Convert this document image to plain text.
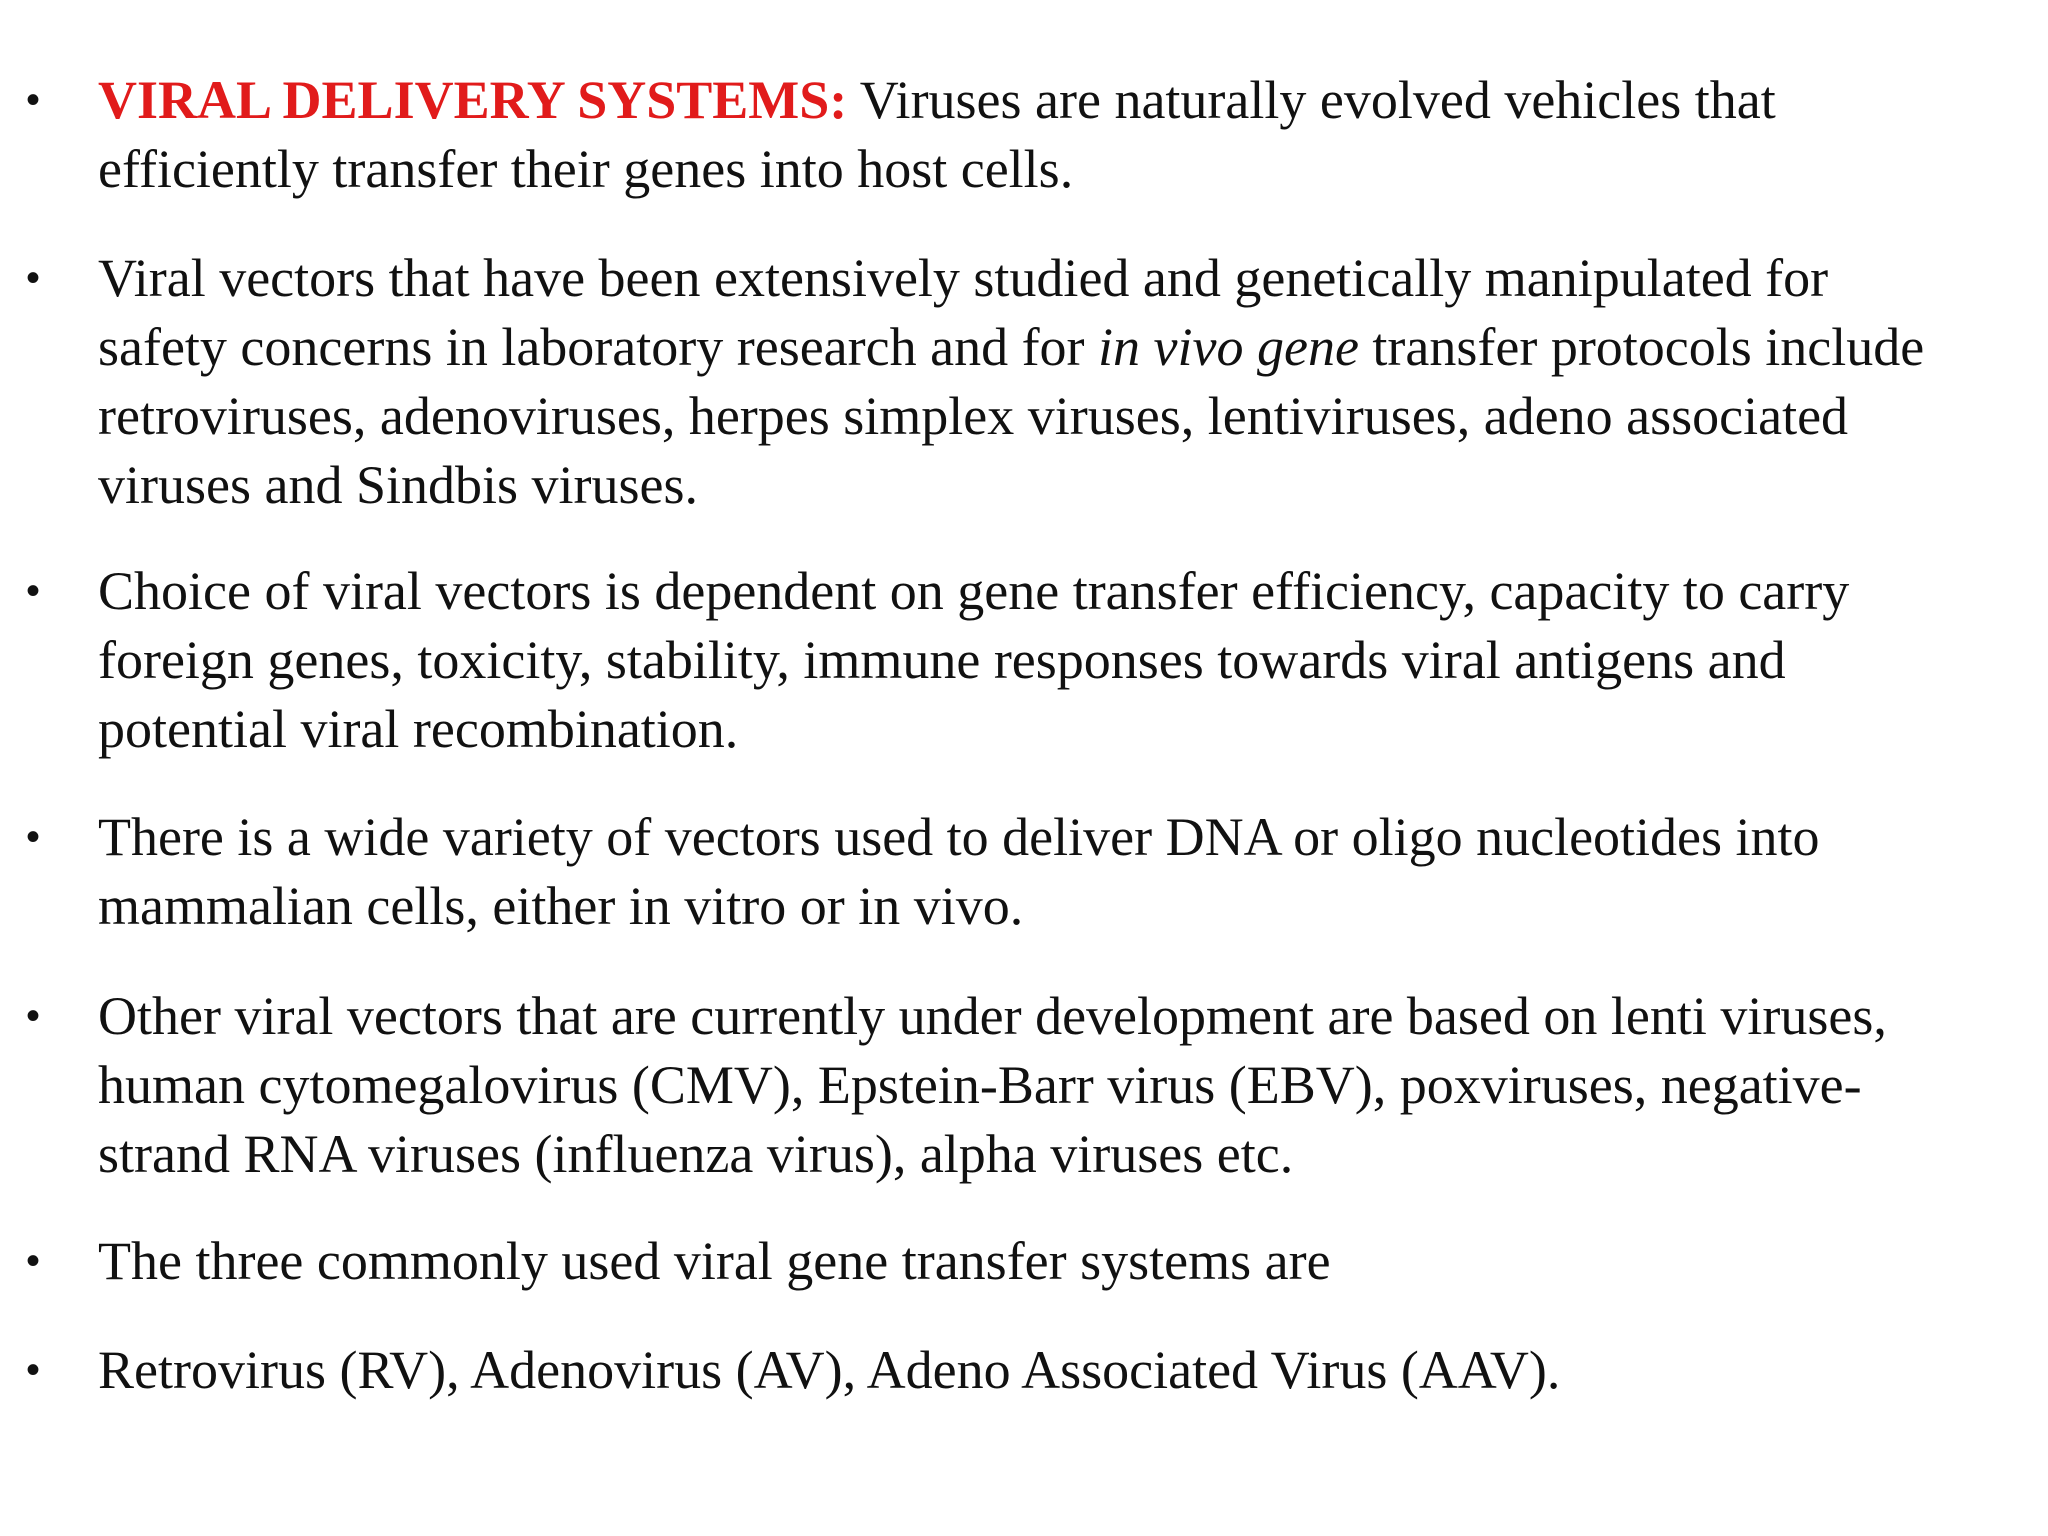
• VIRAL DELIVERY SYSTEMS: Viruses are naturally evolved vehicles that
efficiently transfer their genes into host cells.
• Viral vectors that have been extensively studied and genetically manipulated for
safety concerns in laboratory research and for in vivo gene transfer protocols include
retroviruses, adenoviruses, herpes simplex viruses, lentiviruses, adeno associated
viruses and Sindbis viruses.
• Choice of viral vectors is dependent on gene transfer efficiency, capacity to carry
foreign genes, toxicity, stability, immune responses towards viral antigens and
potential viral recombination.
• There is a wide variety of vectors used to deliver DNA or oligo nucleotides into
mammalian cells, either in vitro or in vivo.
• Other viral vectors that are currently under development are based on lenti viruses,
human cytomegalovirus (CMV), Epstein-Barr virus (EBV), poxviruses, negative-
strand RNA viruses (influenza virus), alpha viruses etc.
• The three commonly used viral gene transfer systems are
• Retrovirus (RV), Adenovirus (AV), Adeno Associated Virus (AAV).
